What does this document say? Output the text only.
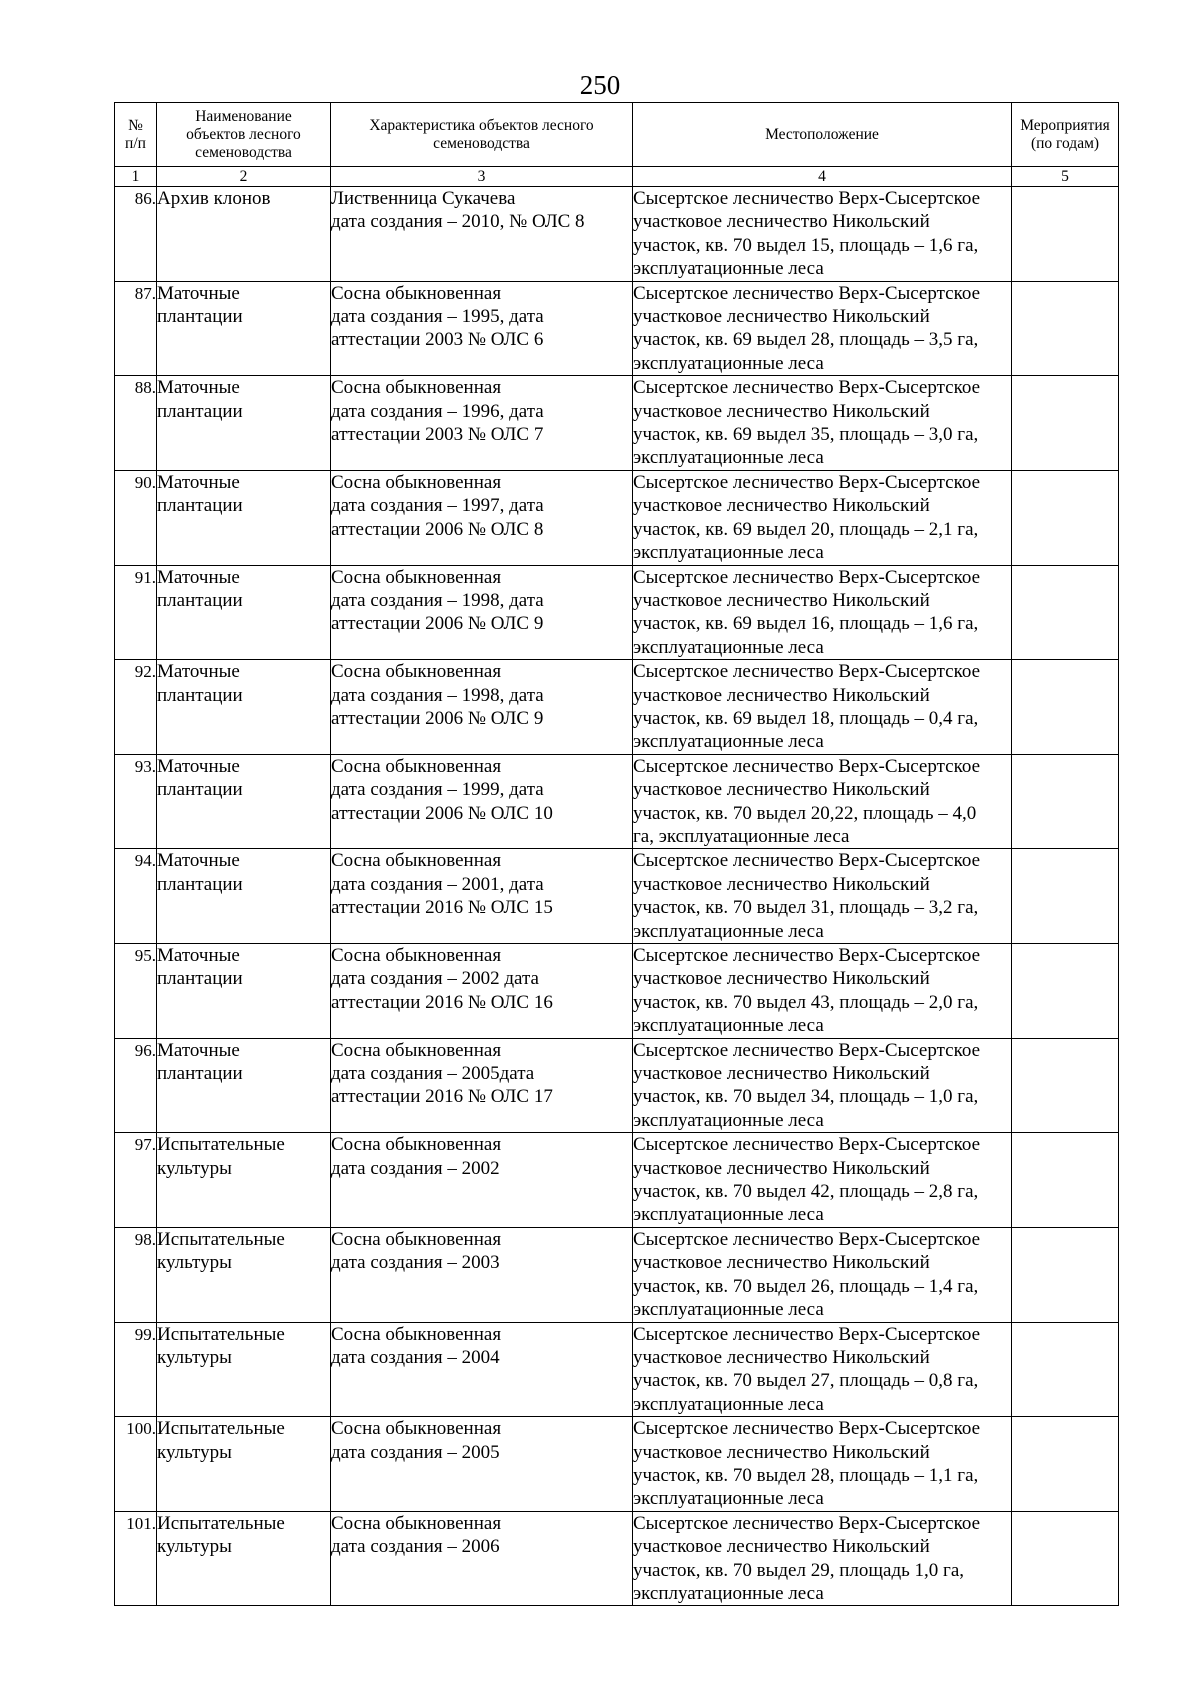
250
№
п/п	Наименование
объектов лесного
семеноводства	Характеристика объектов лесного
семеноводства	Местоположение	Мероприятия
(по годам)

1	2	3	4	5
86.	Архив клонов	Лиственница Сукачева
дата создания – 2010, № ОЛС 8	Сысертское лесничество Верх-Сысертское
участковое лесничество Никольский
участок, кв. 70 выдел 15, площадь – 1,6 га,
эксплуатационные леса	

87.	Маточные
плантации	Сосна обыкновенная
дата создания – 1995, дата
аттестации 2003 № ОЛС 6	Сысертское лесничество Верх-Сысертское
участковое лесничество Никольский
участок, кв. 69 выдел 28, площадь – 3,5 га,
эксплуатационные леса	

88.	Маточные
плантации	Сосна обыкновенная
дата создания – 1996, дата
аттестации 2003 № ОЛС 7	Сысертское лесничество Верх-Сысертское
участковое лесничество Никольский
участок, кв. 69 выдел 35, площадь – 3,0 га,
эксплуатационные леса	

90.	Маточные
плантации	Сосна обыкновенная
дата создания – 1997, дата
аттестации 2006 № ОЛС 8	Сысертское лесничество Верх-Сысертское
участковое лесничество Никольский
участок, кв. 69 выдел 20, площадь – 2,1 га,
эксплуатационные леса	

91.	Маточные
плантации	Сосна обыкновенная
дата создания – 1998, дата
аттестации 2006 № ОЛС 9	Сысертское лесничество Верх-Сысертское
участковое лесничество Никольский
участок, кв. 69 выдел 16, площадь – 1,6 га,
эксплуатационные леса	

92.	Маточные
плантации	Сосна обыкновенная
дата создания – 1998, дата
аттестации 2006 № ОЛС 9	Сысертское лесничество Верх-Сысертское
участковое лесничество Никольский
участок, кв. 69 выдел 18, площадь – 0,4 га,
эксплуатационные леса	

93.	Маточные
плантации	Сосна обыкновенная
дата создания – 1999, дата
аттестации 2006 № ОЛС 10	Сысертское лесничество Верх-Сысертское
участковое лесничество Никольский
участок, кв. 70 выдел 20,22, площадь – 4,0
га, эксплуатационные леса	

94.	Маточные
плантации	Сосна обыкновенная
дата создания – 2001, дата
аттестации 2016 № ОЛС 15	Сысертское лесничество Верх-Сысертское
участковое лесничество Никольский
участок, кв. 70 выдел 31, площадь – 3,2 га,
эксплуатационные леса	

95.	Маточные
плантации	Сосна обыкновенная
дата создания – 2002 дата
аттестации 2016 № ОЛС 16	Сысертское лесничество Верх-Сысертское
участковое лесничество Никольский
участок, кв. 70 выдел 43, площадь – 2,0 га,
эксплуатационные леса	

96.	Маточные
плантации	Сосна обыкновенная
дата создания – 2005дата
аттестации 2016 № ОЛС 17	Сысертское лесничество Верх-Сысертское
участковое лесничество Никольский
участок, кв. 70 выдел 34, площадь – 1,0 га,
эксплуатационные леса	

97.	Испытательные
культуры	Сосна обыкновенная
дата создания – 2002	Сысертское лесничество Верх-Сысертское
участковое лесничество Никольский
участок, кв. 70 выдел 42, площадь – 2,8 га,
эксплуатационные леса	

98.	Испытательные
культуры	Сосна обыкновенная
дата создания – 2003	Сысертское лесничество Верх-Сысертское
участковое лесничество Никольский
участок, кв. 70 выдел 26, площадь – 1,4 га,
эксплуатационные леса	

99.	Испытательные
культуры	Сосна обыкновенная
дата создания – 2004	Сысертское лесничество Верх-Сысертское
участковое лесничество Никольский
участок, кв. 70 выдел 27, площадь – 0,8 га,
эксплуатационные леса	

100.	Испытательные
культуры	Сосна обыкновенная
дата создания – 2005	Сысертское лесничество Верх-Сысертское
участковое лесничество Никольский
участок, кв. 70 выдел 28, площадь – 1,1 га,
эксплуатационные леса	

101.	Испытательные
культуры	Сосна обыкновенная
дата создания – 2006	Сысертское лесничество Верх-Сысертское
участковое лесничество Никольский
участок, кв. 70 выдел 29, площадь 1,0 га,
эксплуатационные леса	
